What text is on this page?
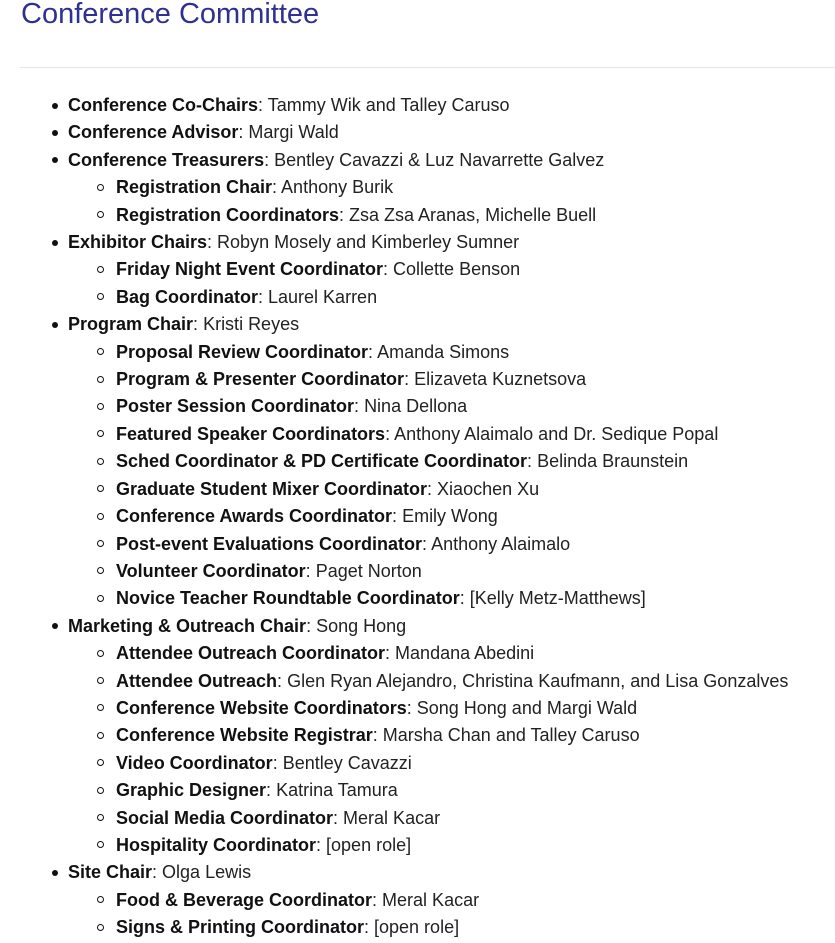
Conference Committee
Conference Co-Chairs: Tammy Wik and Talley Caruso
Conference Advisor: Margi Wald
Conference Treasurers: Bentley Cavazzi & Luz Navarrette Galvez
Registration Chair: Anthony Burik
Registration Coordinators: Zsa Zsa Aranas, Michelle Buell
Exhibitor Chairs: Robyn Mosely and Kimberley Sumner
Friday Night Event Coordinator: Collette Benson
Bag Coordinator: Laurel Karren
Program Chair: Kristi Reyes
Proposal Review Coordinator: Amanda Simons
Program & Presenter Coordinator: Elizaveta Kuznetsova
Poster Session Coordinator: Nina Dellona
Featured Speaker Coordinators: Anthony Alaimalo and Dr. Sedique Popal
Sched Coordinator & PD Certificate Coordinator: Belinda Braunstein
Graduate Student Mixer Coordinator: Xiaochen Xu
Conference Awards Coordinator: Emily Wong
Post-event Evaluations Coordinator: Anthony Alaimalo
Volunteer Coordinator: Paget Norton
Novice Teacher Roundtable Coordinator: [Kelly Metz-Matthews]
Marketing & Outreach Chair: Song Hong
Attendee Outreach Coordinator: Mandana Abedini
Attendee Outreach: Glen Ryan Alejandro, Christina Kaufmann, and Lisa Gonzalves
Conference Website Coordinators: Song Hong and Margi Wald
Conference Website Registrar: Marsha Chan and Talley Caruso
Video Coordinator: Bentley Cavazzi
Graphic Designer: Katrina Tamura
Social Media Coordinator: Meral Kacar
Hospitality Coordinator: [open role]
Site Chair: Olga Lewis
Food & Beverage Coordinator: Meral Kacar
Signs & Printing Coordinator: [open role]
